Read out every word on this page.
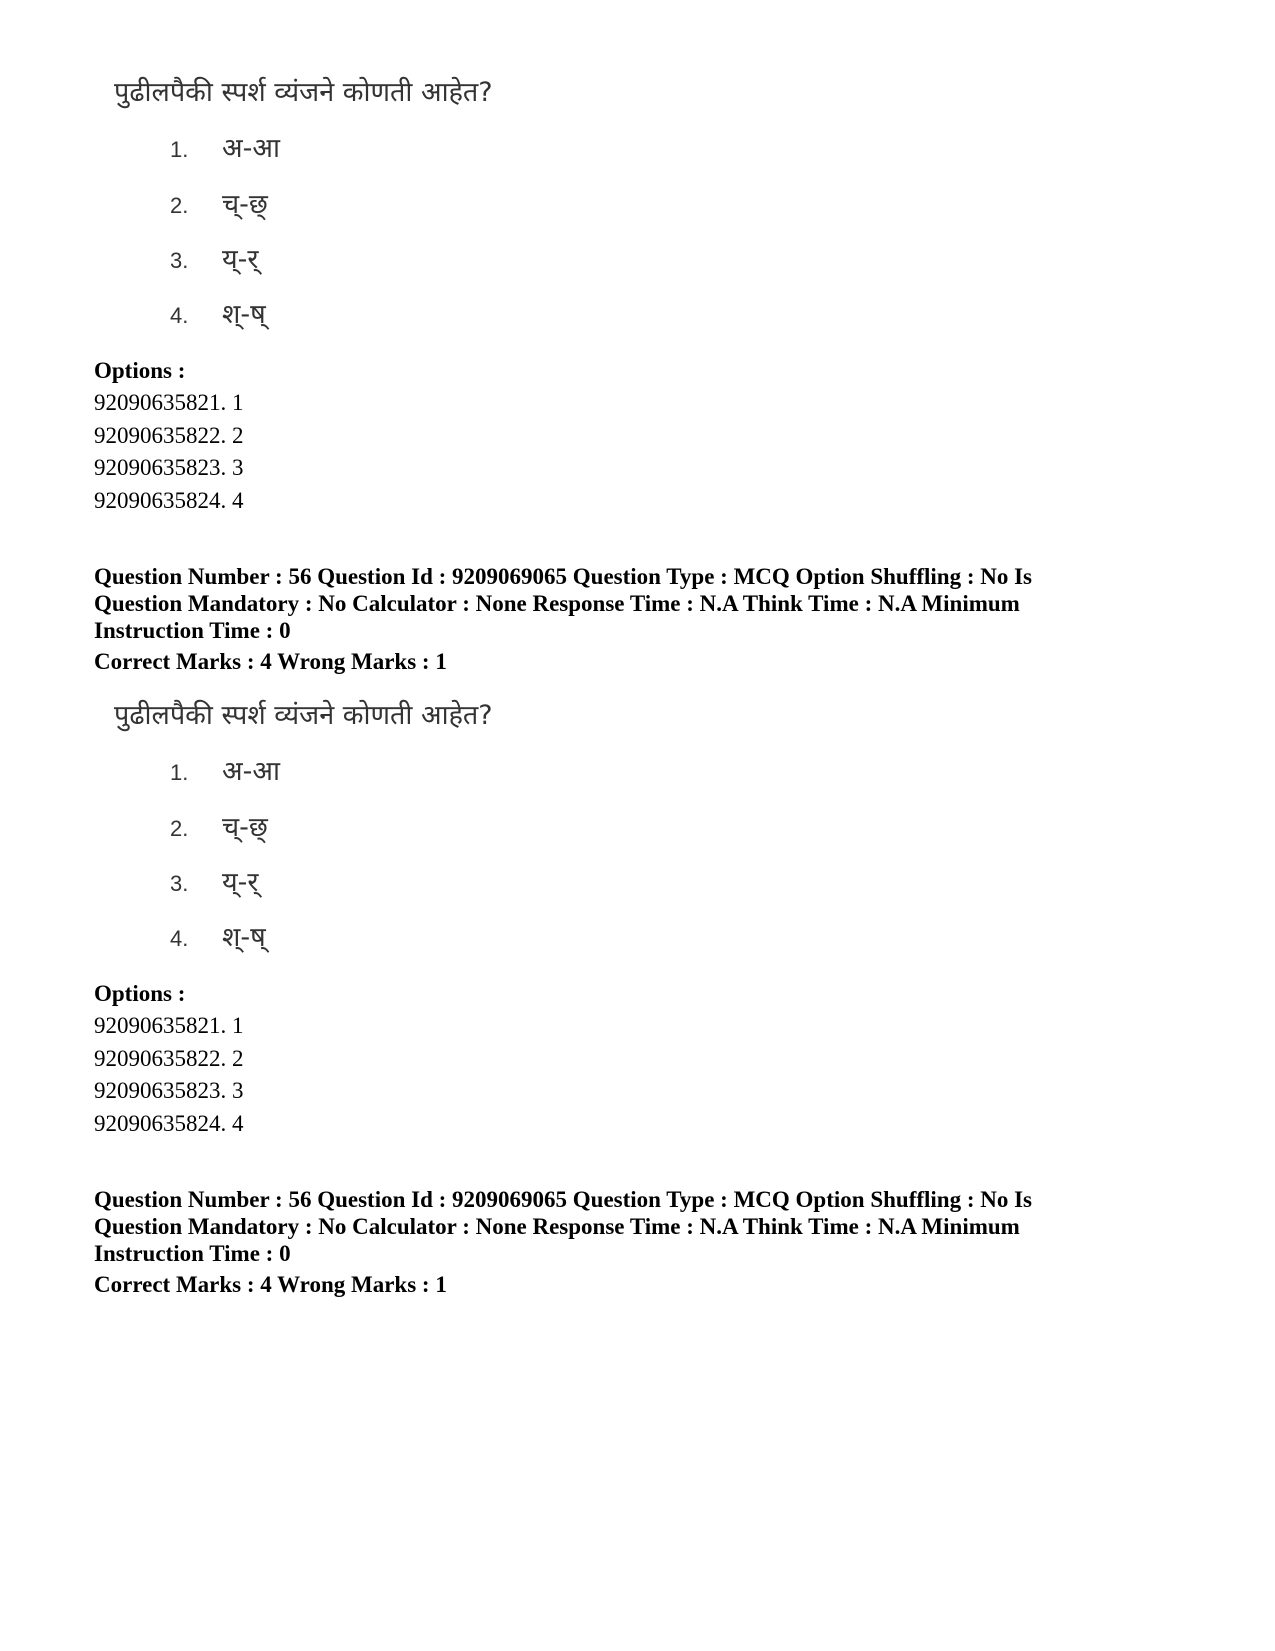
पुढीलपैकी स्पर्श व्यंजने कोणती आहेत?
1. अ-आ
2. च्-छ्
3. य्-र्
4. श्-ष्
Options :
92090635821. 1
92090635822. 2
92090635823. 3
92090635824. 4
Question Number : 56 Question Id : 9209069065 Question Type : MCQ Option Shuffling : No Is
Question Mandatory : No Calculator : None Response Time : N.A Think Time : N.A Minimum
Instruction Time : 0
Correct Marks : 4 Wrong Marks : 1
पुढीलपैकी स्पर्श व्यंजने कोणती आहेत?
1. अ-आ
2. च्-छ्
3. य्-र्
4. श्-ष्
Options :
92090635821. 1
92090635822. 2
92090635823. 3
92090635824. 4
Question Number : 56 Question Id : 9209069065 Question Type : MCQ Option Shuffling : No Is
Question Mandatory : No Calculator : None Response Time : N.A Think Time : N.A Minimum
Instruction Time : 0
Correct Marks : 4 Wrong Marks : 1
